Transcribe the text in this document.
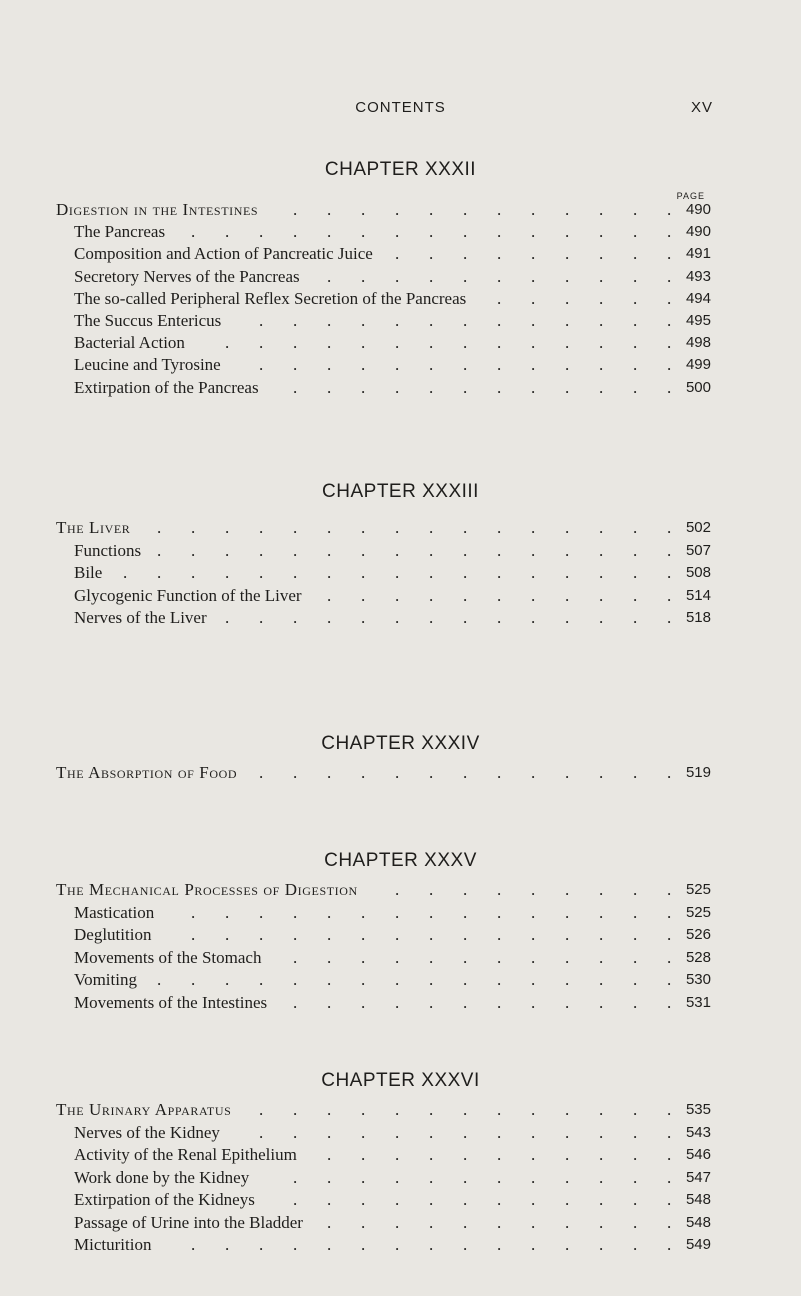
CONTENTS	XV
CHAPTER XXXII
PAGE
Digestion in the Intestines	490
.
.
.
.
.
.
.
.
.
.
.
.
The Pancreas	490
.
.
.
.
.
.
.
.
.
.
.
.
.
.
.
Composition and Action of Pancreatic Juice	491
.
.
.
.
.
.
.
.
.
Secretory Nerves of the Pancreas	493
.
.
.
.
.
.
.
.
.
.
.
The so-called Peripheral Reflex Secretion of the Pancreas	494
.
.
.
.
.
.
The Succus Entericus	495
.
.
.
.
.
.
.
.
.
.
.
.
.
Bacterial Action	498
.
.
.
.
.
.
.
.
.
.
.
.
.
.
Leucine and Tyrosine	499
.
.
.
.
.
.
.
.
.
.
.
.
.
Extirpation of the Pancreas	500
.
.
.
.
.
.
.
.
.
.
.
.
CHAPTER XXXIII
The Liver	502
.
.
.
.
.
.
.
.
.
.
.
.
.
.
.
.
Functions	507
.
.
.
.
.
.
.
.
.
.
.
.
.
.
.
.
Bile	508
.
.
.
.
.
.
.
.
.
.
.
.
.
.
.
.
.
Glycogenic Function of the Liver	514
.
.
.
.
.
.
.
.
.
.
.
Nerves of the Liver	518
.
.
.
.
.
.
.
.
.
.
.
.
.
.
CHAPTER XXXIV
The Absorption of Food	519
.
.
.
.
.
.
.
.
.
.
.
.
.
CHAPTER XXXV
The Mechanical Processes of Digestion	525
.
.
.
.
.
.
.
.
.
Mastication	525
.
.
.
.
.
.
.
.
.
.
.
.
.
.
.
Deglutition	526
.
.
.
.
.
.
.
.
.
.
.
.
.
.
.
Movements of the Stomach	528
.
.
.
.
.
.
.
.
.
.
.
.
Vomiting	530
.
.
.
.
.
.
.
.
.
.
.
.
.
.
.
.
Movements of the Intestines	531
.
.
.
.
.
.
.
.
.
.
.
.
CHAPTER XXXVI
The Urinary Apparatus	535
.
.
.
.
.
.
.
.
.
.
.
.
.
Nerves of the Kidney	543
.
.
.
.
.
.
.
.
.
.
.
.
.
Activity of the Renal Epithelium	546
.
.
.
.
.
.
.
.
.
.
.
Work done by the Kidney	547
.
.
.
.
.
.
.
.
.
.
.
.
Extirpation of the Kidneys	548
.
.
.
.
.
.
.
.
.
.
.
.
Passage of Urine into the Bladder	548
.
.
.
.
.
.
.
.
.
.
.
Micturition	549
.
.
.
.
.
.
.
.
.
.
.
.
.
.
.
